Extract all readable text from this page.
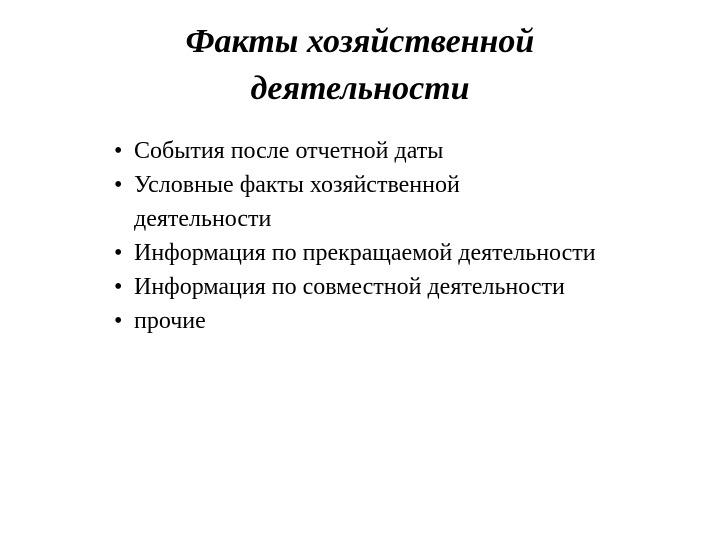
Факты хозяйственной
деятельности
• События после отчетной даты
• Условные факты хозяйственной деятельности
• Информация по прекращаемой деятельности
• Информация по совместной деятельности
• прочие
